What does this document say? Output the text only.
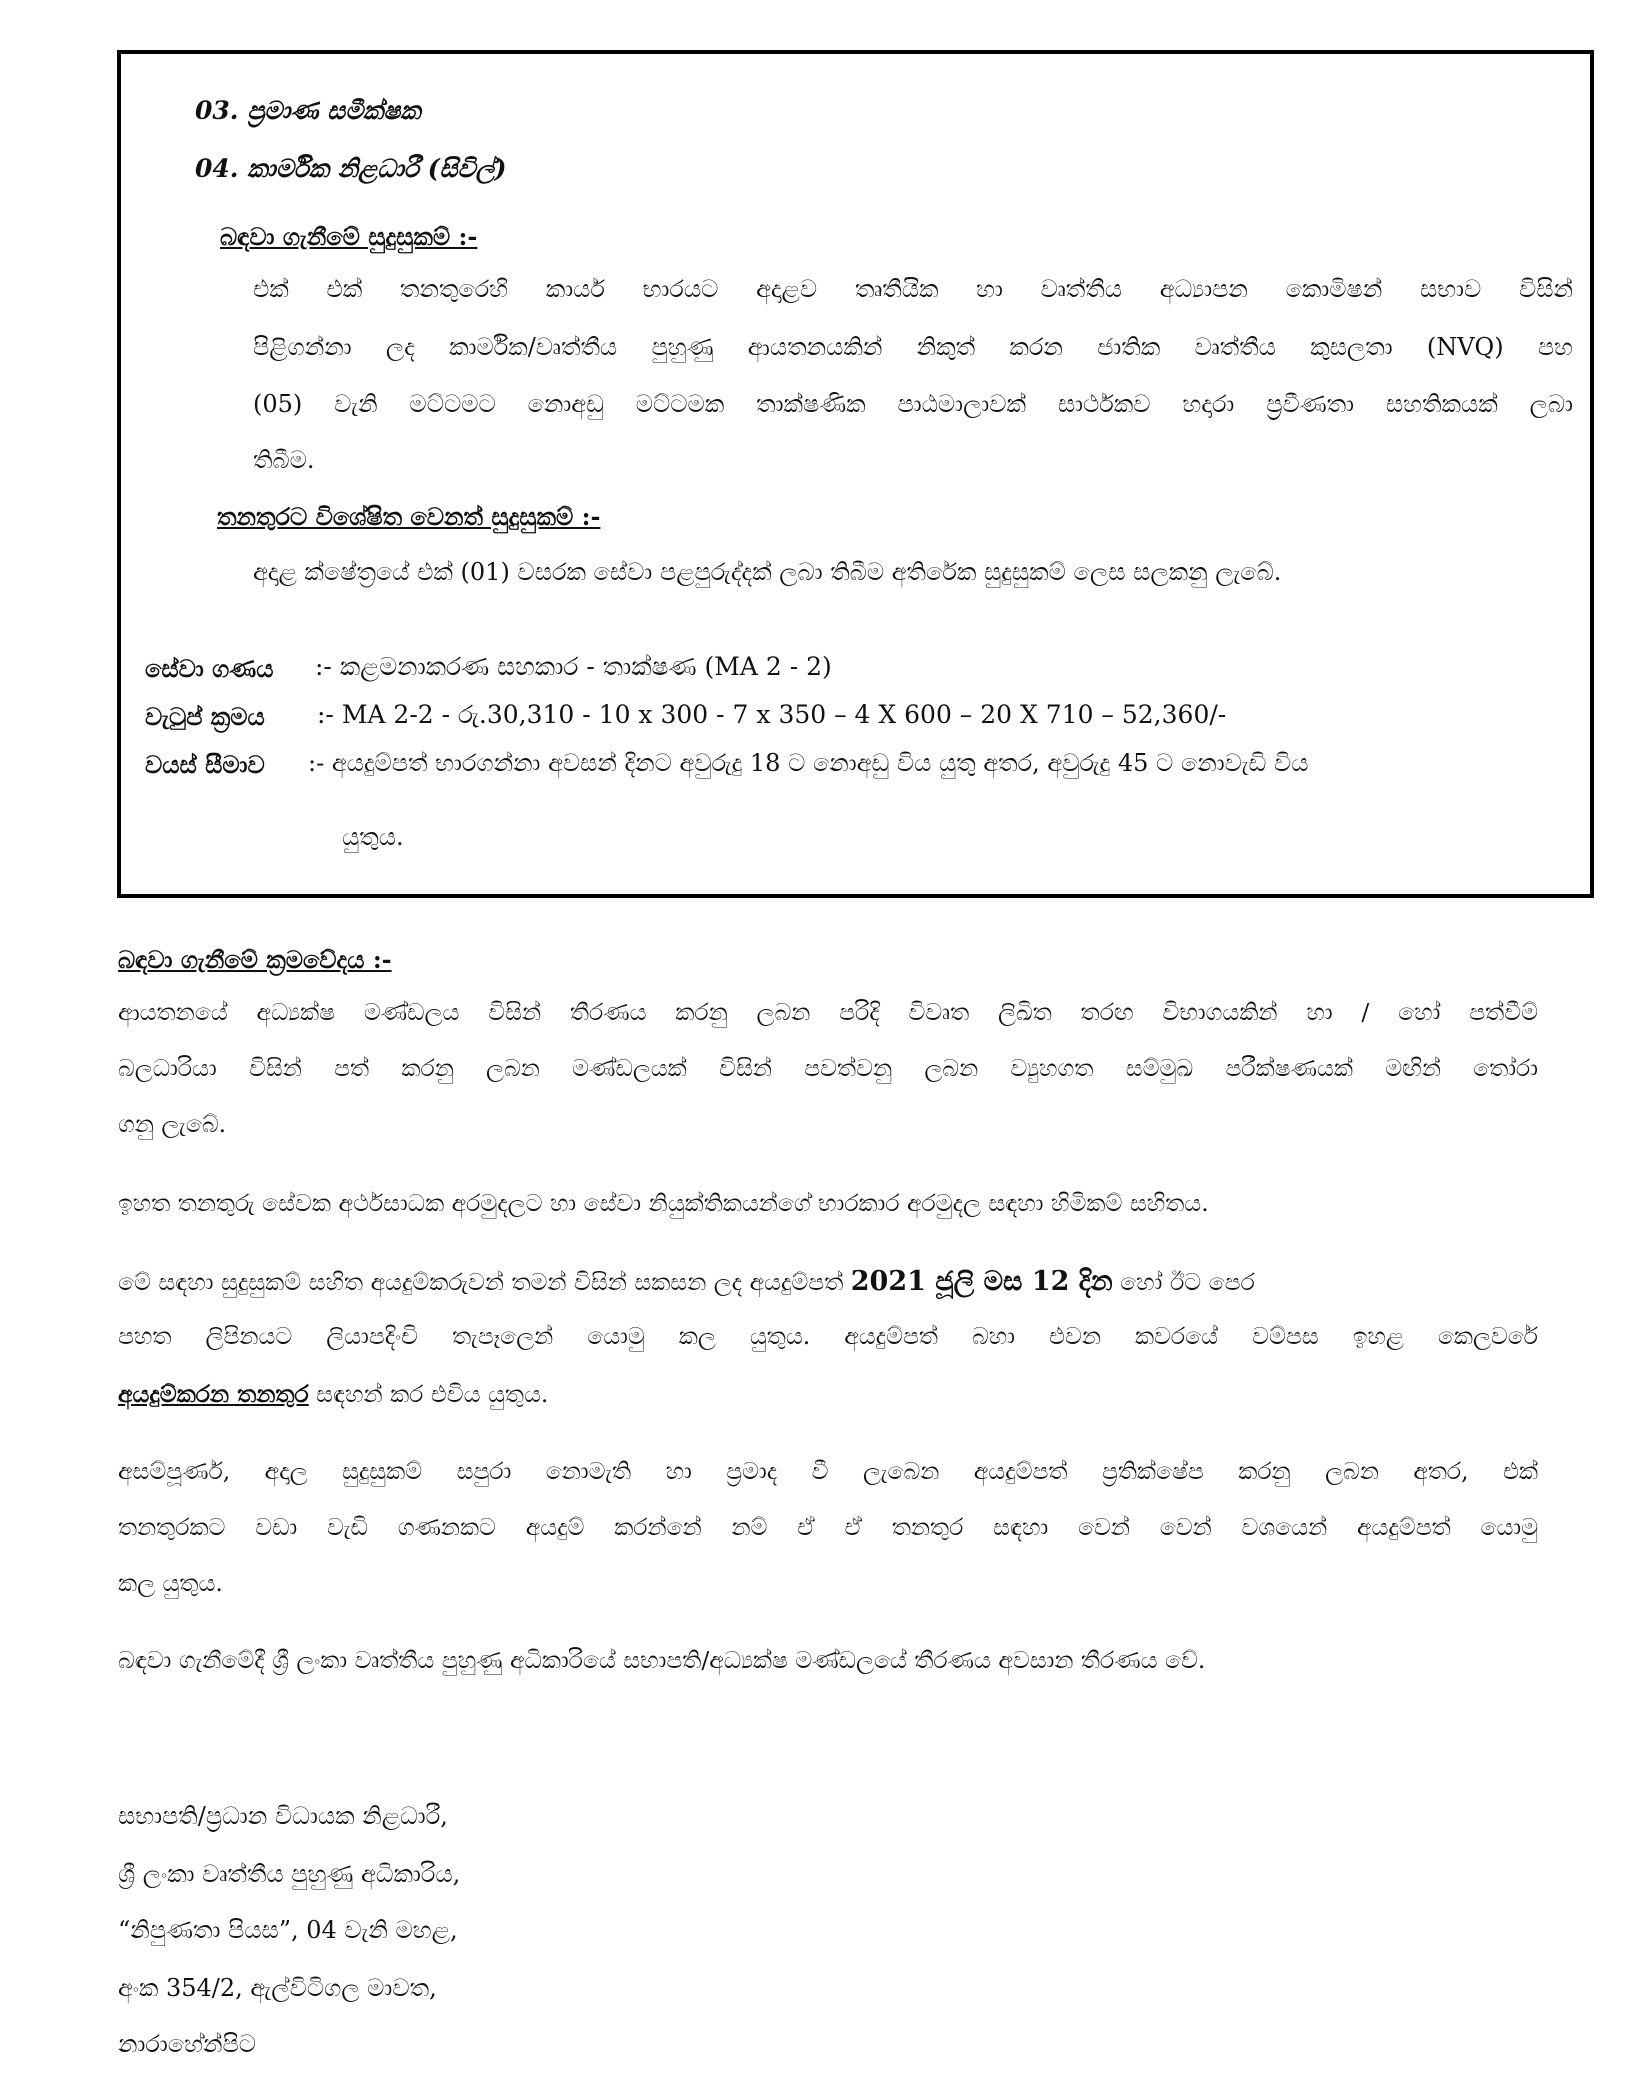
03. ප්‍රමාණ සමීක්ෂක
04. කාර්මික නිළධාරී (සිවිල්)
බඳවා ගැනීමේ සුදුසුකම් :-
එක් එක් තනතුරෙහි කාර්ය භාරයට අදාළව තෘතීයික හා වෘත්තීය අධ්‍යාපන කොමිෂන් සභාව විසින්
පිළිගන්නා ලද කාර්මික/වෘත්තීය පුහුණු ආයතනයකින් නිකුත් කරන ජාතික වෘත්තීය කුසලතා (NVQ) පහ
(05) වැනි මට්ටමට නොඅඩු මට්ටමක තාක්ෂණික පාඨමාලාවක් සාර්ථකව හදාරා ප්‍රවීණතා සහතිකයක් ලබා
තිබීම.
තනතුරට විශේෂිත වෙනත් සුදුසුකම් :-
අදාළ ක්ෂේත්‍රයේ එක් (01) වසරක සේවා පළපුරුද්දක් ලබා තිබීම අතිරේක සුදුසුකම් ලෙස සලකනු ලැබේ.
සේවා ගණය :- කළමනාකරණ සහකාර - තාක්ෂණ (MA 2 - 2)
වැටුප් ක්‍රමය :- MA 2-2 - රු.30,310 - 10 x 300 - 7 x 350 – 4 X 600 – 20 X 710 – 52,360/-
වයස් සීමාව :- අයදුම්පත් භාරගන්නා අවසන් දිනට අවුරුදු 18 ට නොඅඩු විය යුතු අතර, අවුරුදු 45 ට නොවැඩි විය
යුතුය.
බඳවා ගැනීමේ ක්‍රමවේදය :-
ආයතනයේ අධ්‍යක්ෂ මණ්ඩලය විසින් තීරණය කරනු ලබන පරිදි විවෘත ලිඛිත තරඟ විභාගයකින් හා / හෝ පත්වීම්
බලධාරියා විසින් පත් කරනු ලබන මණ්ඩලයක් විසින් පවත්වනු ලබන ව්‍යුහගත සම්මුඛ පරීක්ෂණයක් මඟින් තෝරා
ගනු ලැබේ.
ඉහත තනතුරු සේවක අර්ථසාධක අරමුදලට හා සේවා නියුක්තිකයන්ගේ භාරකාර අරමුදල සඳහා හිමිකම් සහිතය.
මේ සඳහා සුදුසුකම් සහිත අයදුම්කරුවන් තමන් විසින් සකසන ලද අයදුම්පත් 2021 ජූලි මස 12 දින හෝ ඊට පෙර
පහත ලිපිනයට ලියාපදිංචි තැපෑලෙන් යොමු කල යුතුය. අයදුම්පත් බහා එවන කවරයේ වම්පස ඉහළ කෙලවරේ
අයදුම්කරන තනතුර සඳහන් කර එවිය යුතුය.
අසම්පූර්ණ, අදාල සුදුසුකම් සපුරා නොමැති හා ප්‍රමාද වී ලැබෙන අයදුම්පත් ප්‍රතික්ෂේප කරනු ලබන අතර, එක්
තනතුරකට වඩා වැඩි ගණනකට අයදුම් කරන්නේ නම් ඒ ඒ තනතුර සඳහා වෙන් වෙන් වශයෙන් අයදුම්පත් යොමු
කල යුතුය.
බඳවා ගැනීමේදී ශ්‍රී ලංකා වෘත්තීය පුහුණු අධිකාරියේ සභාපති/අධ්‍යක්ෂ මණ්ඩලයේ තීරණය අවසාන තීරණය වේ.
සභාපති/ප්‍රධාන විධායක නිළධාරී,
ශ්‍රී ලංකා වෘත්තීය පුහුණු අධිකාරිය,
“නිපුණතා පියස”, 04 වැනි මහළ,
අංක 354/2, ඇල්විටිගල මාවත,
නාරාහේන්පිට
